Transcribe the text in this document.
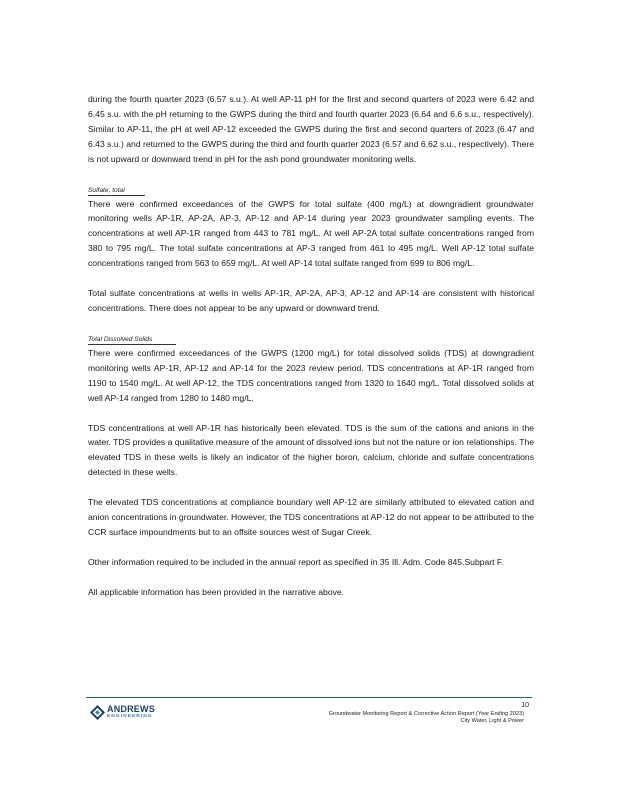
during the fourth quarter 2023 (6.57 s.u.). At well AP-11 pH for the first and second quarters of 2023 were 6.42 and 6.45 s.u. with the pH returning to the GWPS during the third and fourth quarter 2023 (6.64 and 6.6 s.u., respectively). Similar to AP-11, the pH at well AP-12 exceeded the GWPS during the first and second quarters of 2023 (6.47 and 6.43 s.u.) and returned to the GWPS during the third and fourth quarter 2023 (6.57 and 6.62 s.u., respectively). There is not upward or downward trend in pH for the ash pond groundwater monitoring wells.

Sulfate, total

There were confirmed exceedances of the GWPS for total sulfate (400 mg/L) at downgradient groundwater monitoring wells AP-1R, AP-2A, AP-3, AP-12 and AP-14 during year 2023 groundwater sampling events. The concentrations at well AP-1R ranged from 443 to 781 mg/L. At well AP-2A total sulfate concentrations ranged from 380 to 795 mg/L. The total sulfate concentrations at AP-3 ranged from 461 to 495 mg/L. Well AP-12 total sulfate concentrations ranged from 563 to 659 mg/L. At well AP-14 total sulfate ranged from 699 to 806 mg/L.

Total sulfate concentrations at wells in wells AP-1R, AP-2A, AP-3, AP-12 and AP-14 are consistent with historical concentrations. There does not appear to be any upward or downward trend.

Total Dissolved Solids

There were confirmed exceedances of the GWPS (1200 mg/L) for total dissolved solids (TDS) at downgradient monitoring wells AP-1R, AP-12 and AP-14 for the 2023 review period. TDS concentrations at AP-1R ranged from 1190 to 1540 mg/L. At well AP-12, the TDS concentrations ranged from 1320 to 1640 mg/L. Total dissolved solids at well AP-14 ranged from 1280 to 1480 mg/L.

TDS concentrations at well AP-1R has historically been elevated. TDS is the sum of the cations and anions in the water. TDS provides a qualitative measure of the amount of dissolved ions but not the nature or ion relationships. The elevated TDS in these wells is likely an indicator of the higher boron, calcium, chloride and sulfate concentrations detected in these wells.

The elevated TDS concentrations at compliance boundary well AP-12 are similarly attributed to elevated cation and anion concentrations in groundwater. However, the TDS concentrations at AP-12 do not appear to be attributed to the CCR surface impoundments but to an offsite sources west of Sugar Creek.

Other information required to be included in the annual report as specified in 35 Ill. Adm. Code 845.Subpart F.

All applicable information has been provided in the narrative above.

ANDREWS
ENGINEERING
10
Groundwater Monitoring Report & Corrective Action Report (Year Ending 2023)
City Water, Light & Power
